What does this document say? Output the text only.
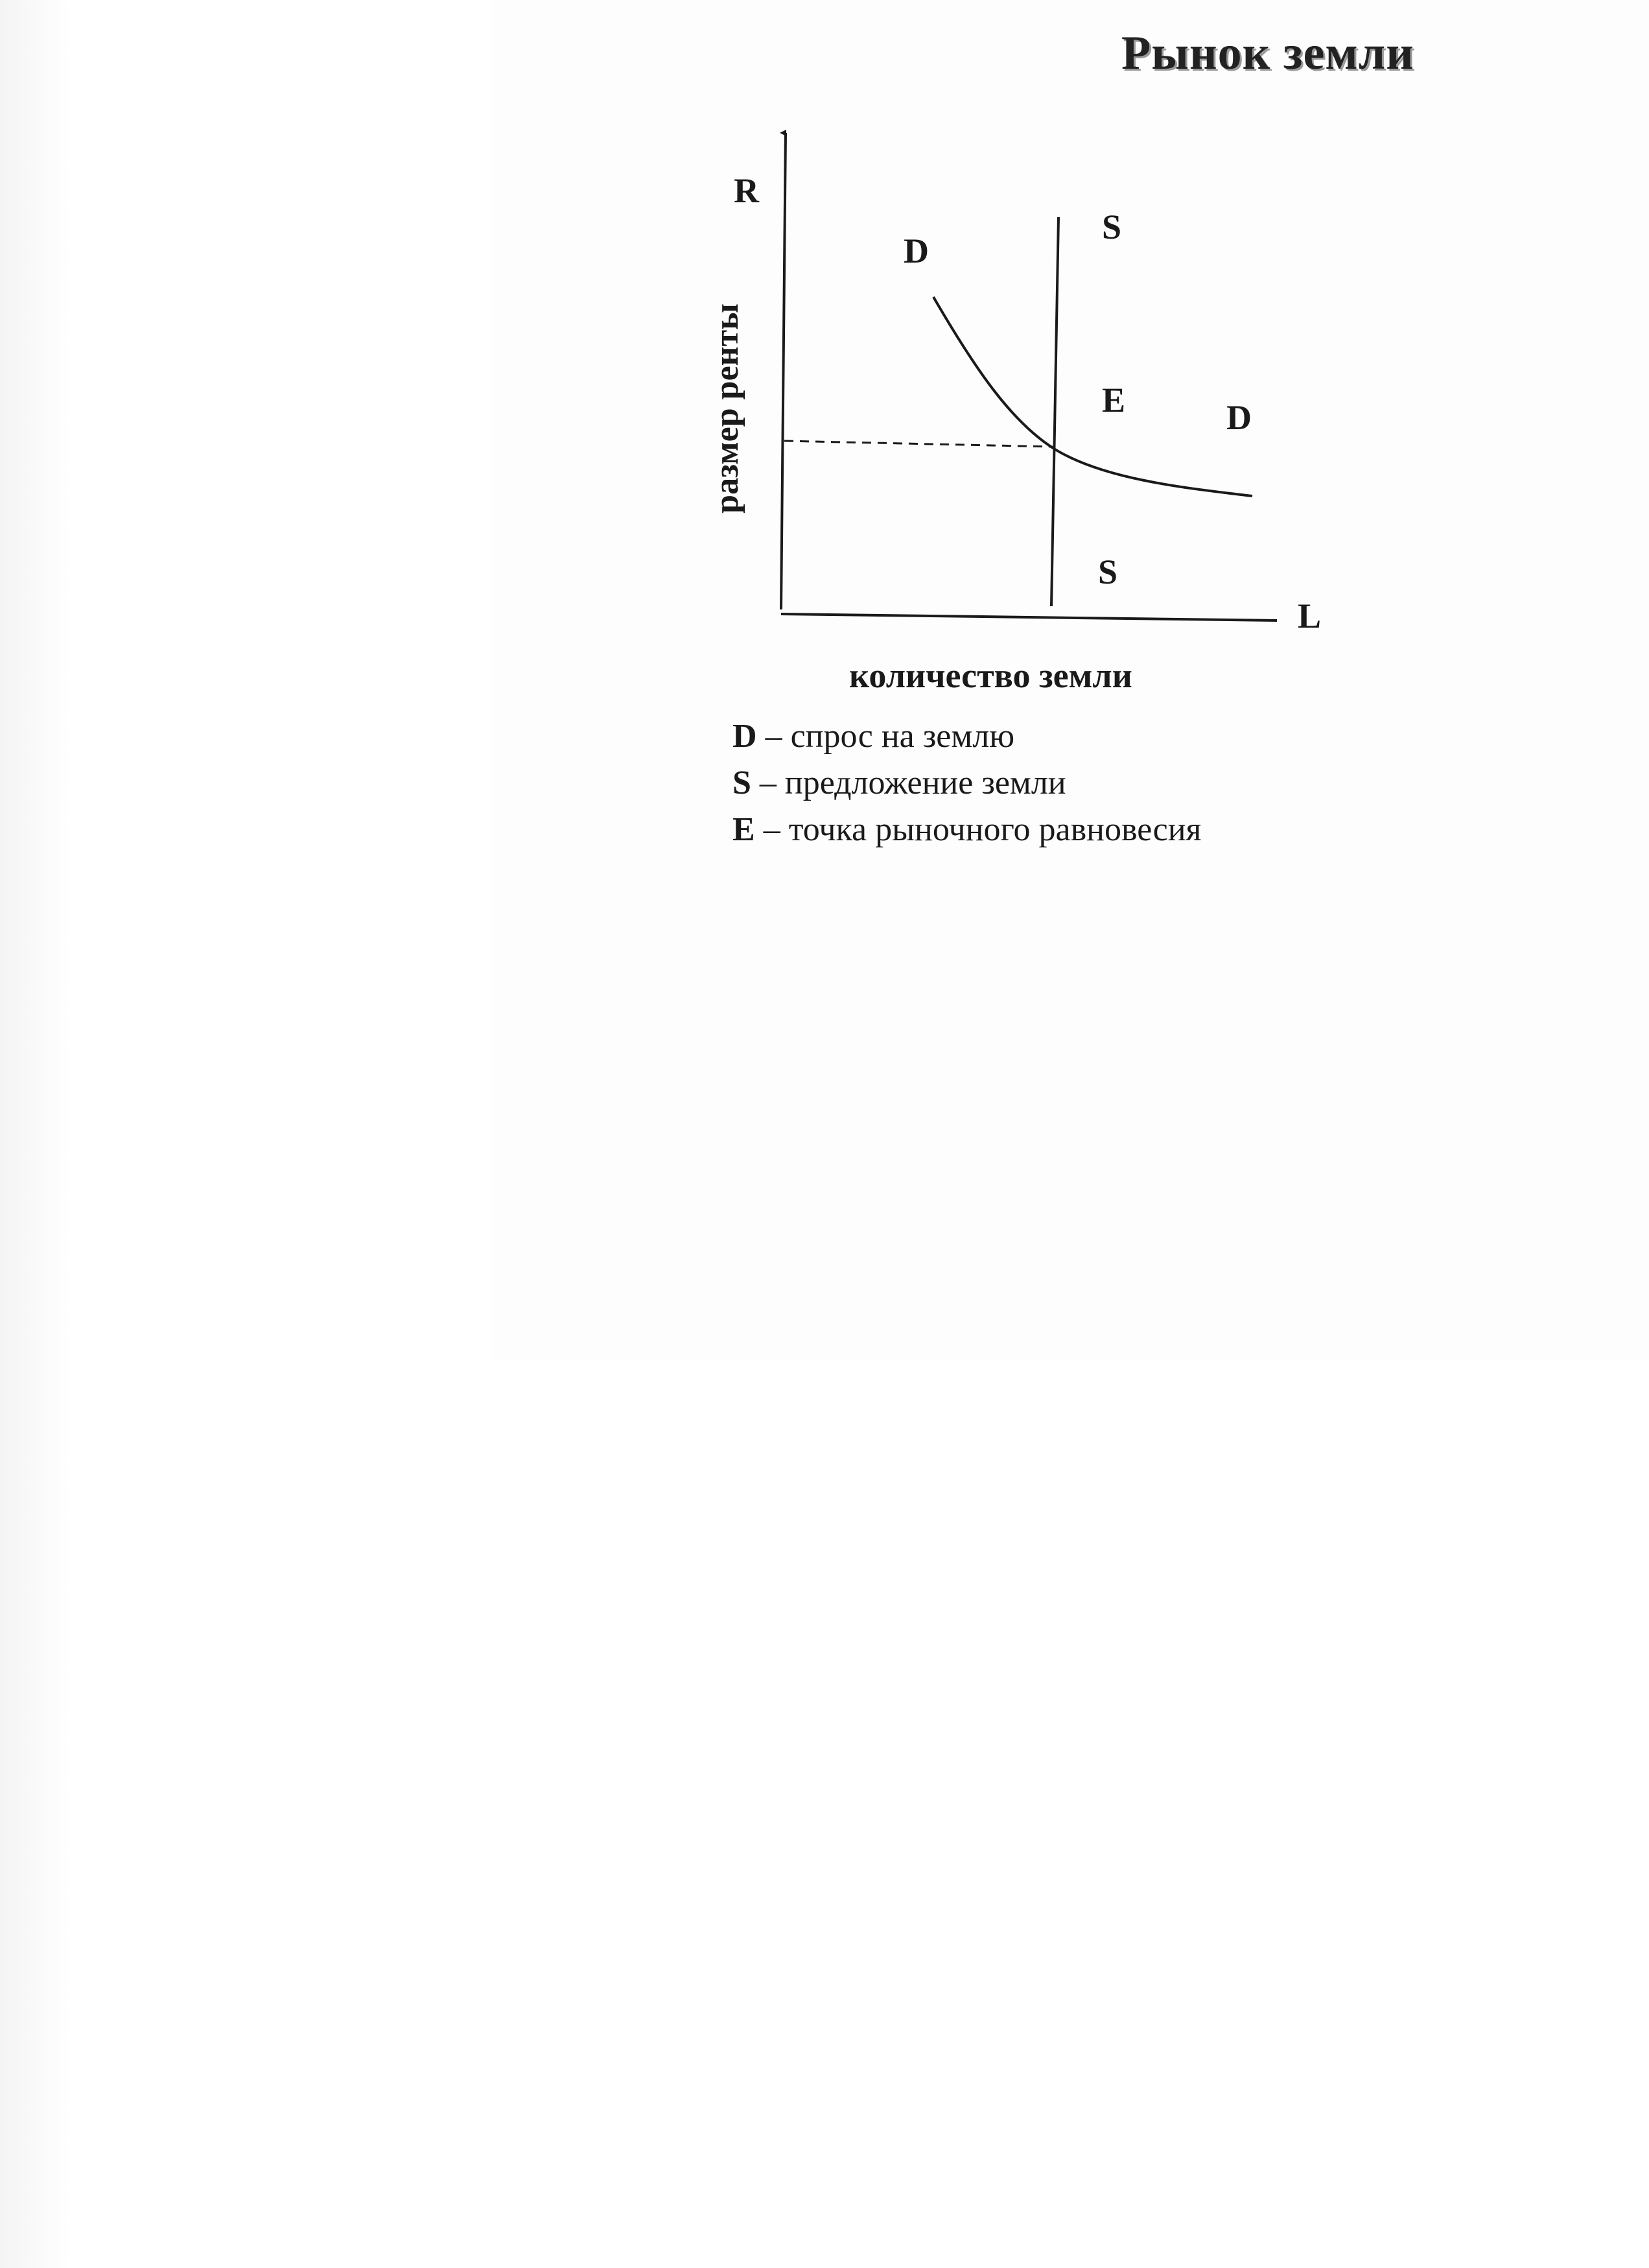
Рынок земли
R
L
размер ренты
количество земли
D
D
S
S
E
D – спрос на землю
S – предложение земли
E – точка рыночного равновесия
